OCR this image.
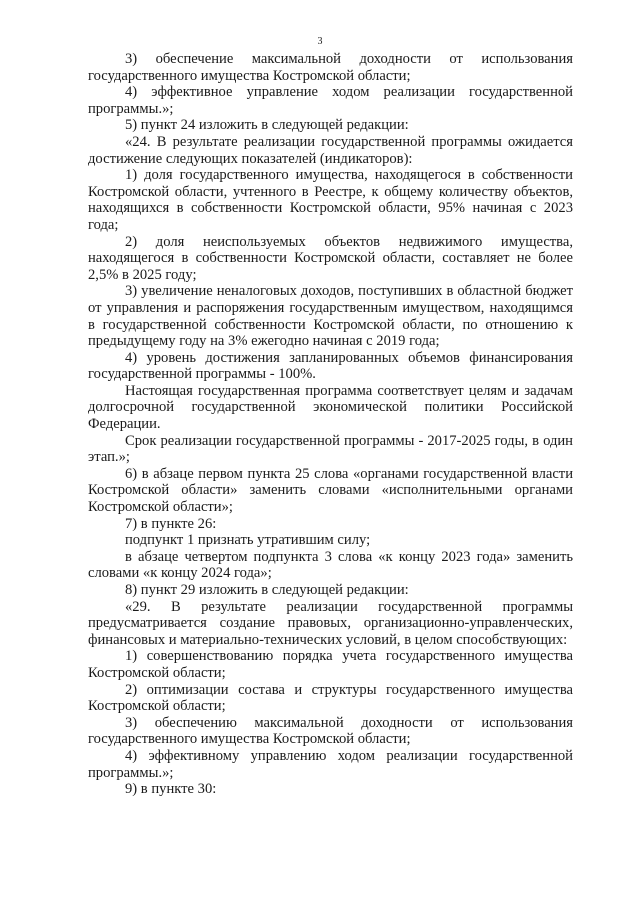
3

3) обеспечение максимальной доходности от использования государственного имущества Костромской области;

4) эффективное управление ходом реализации государственной программы.»;

5) пункт 24 изложить в следующей редакции:

«24. В результате реализации государственной программы ожидается достижение следующих показателей (индикаторов):

1) доля государственного имущества, находящегося в собственности Костромской области, учтенного в Реестре, к общему количеству объектов, находящихся в собственности Костромской области, 95% начиная с 2023 года;

2) доля неиспользуемых объектов недвижимого имущества, находящегося в собственности Костромской области, составляет не более 2,5% в 2025 году;

3) увеличение неналоговых доходов, поступивших в областной бюджет от управления и распоряжения государственным имуществом, находящимся в государственной собственности Костромской области, по отношению к предыдущему году на 3% ежегодно начиная с 2019 года;

4) уровень достижения запланированных объемов финансирования государственной программы - 100%.

Настоящая государственная программа соответствует целям и задачам долгосрочной государственной экономической политики Российской Федерации.

Срок реализации государственной программы - 2017-2025 годы, в один этап.»;

6) в абзаце первом пункта 25 слова «органами государственной власти Костромской области» заменить словами «исполнительными органами Костромской области»;

7) в пункте 26:

подпункт 1 признать утратившим силу;

в абзаце четвертом подпункта 3 слова «к концу 2023 года» заменить словами «к концу 2024 года»;

8) пункт 29 изложить в следующей редакции:

«29. В результате реализации государственной программы предусматривается создание правовых, организационно-управленческих, финансовых и материально-технических условий, в целом способствующих:

1) совершенствованию порядка учета государственного имущества Костромской области;

2) оптимизации состава и структуры государственного имущества Костромской области;

3) обеспечению максимальной доходности от использования государственного имущества Костромской области;

4) эффективному управлению ходом реализации государственной программы.»;

9) в пункте 30:
